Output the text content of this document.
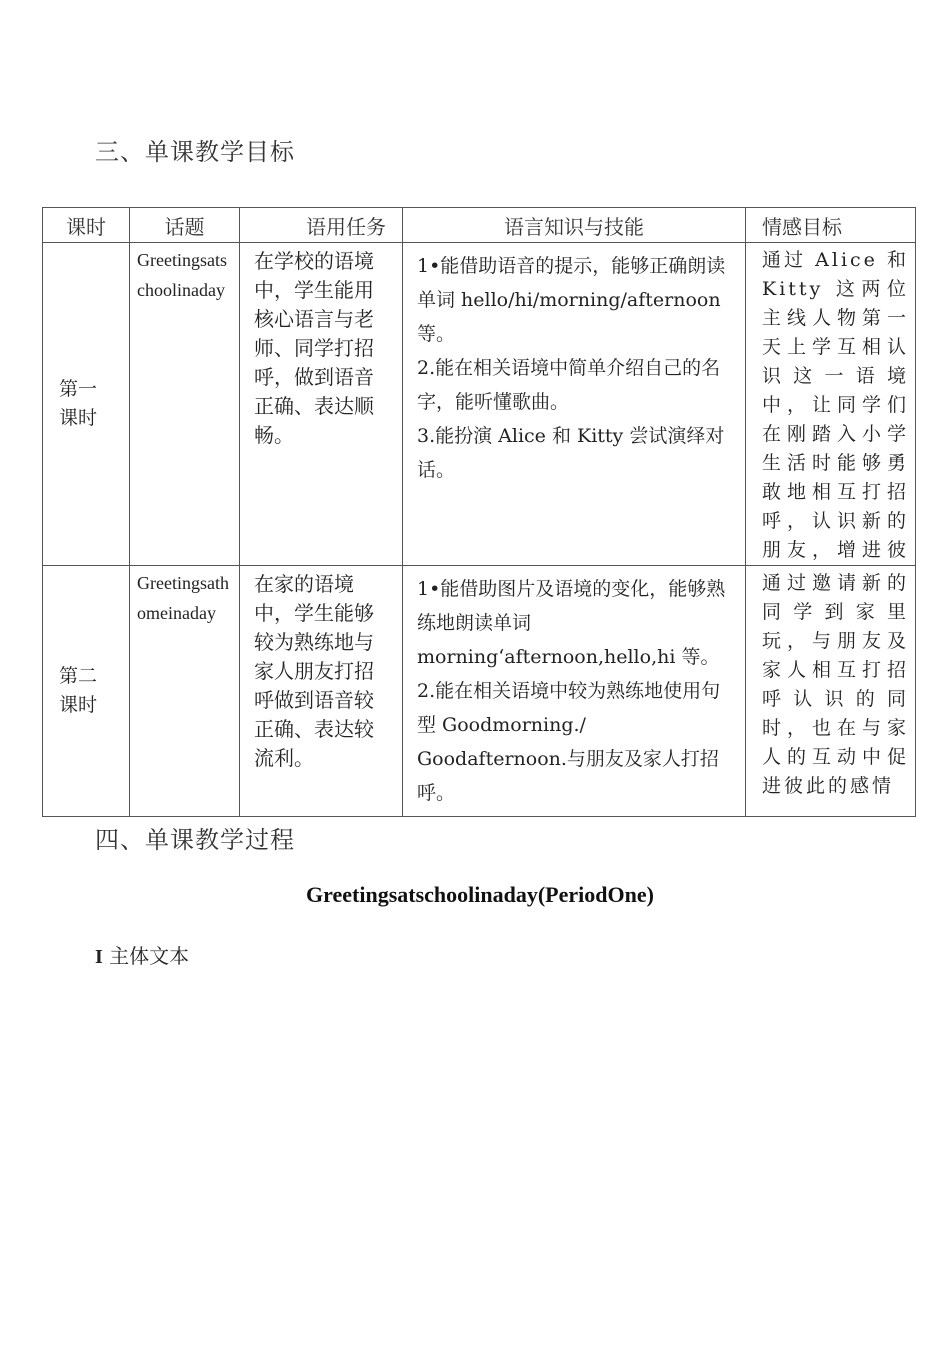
三、单课教学目标
课时	话题	语用任务	语言知识与技能	情感目标

第一课时	Greetingsatschoolinaday	在学校的语境中，学生能用核心语言与老师、同学打招呼，做到语音正确、表达顺畅。	1•能借助语音的提示，能够正确朗读单词 hello/hi/morning/afternoon 等。

2.能在相关语境中简单介绍自己的名字，能听懂歌曲。

3.能扮演 Alice 和 Kitty 尝试演绎对话。	通过 Alice 和 Kitty 这两位主线人物第一天上学互相认识这一语境中，让同学们在刚踏入小学生活时能够勇敢地相互打招呼，认识新的朋友，增进彼

第二课时	Greetingsathomeinaday	在家的语境中，学生能够较为熟练地与家人朋友打招呼做到语音较正确、表达较流利。	1•能借助图片及语境的变化，能够熟练地朗读单词 morning‘afternoon,hello,hi 等。

2.能在相关语境中较为熟练地使用句型 Goodmorning./ Goodafternoon.与朋友及家人打招呼。	通过邀请新的同学到家里玩，与朋友及家人相互打招呼认识的同时，也在与家人的互动中促进彼此的感情
四、单课教学过程
Greetingsatschoolinaday(PeriodOne)
I 主体文本
